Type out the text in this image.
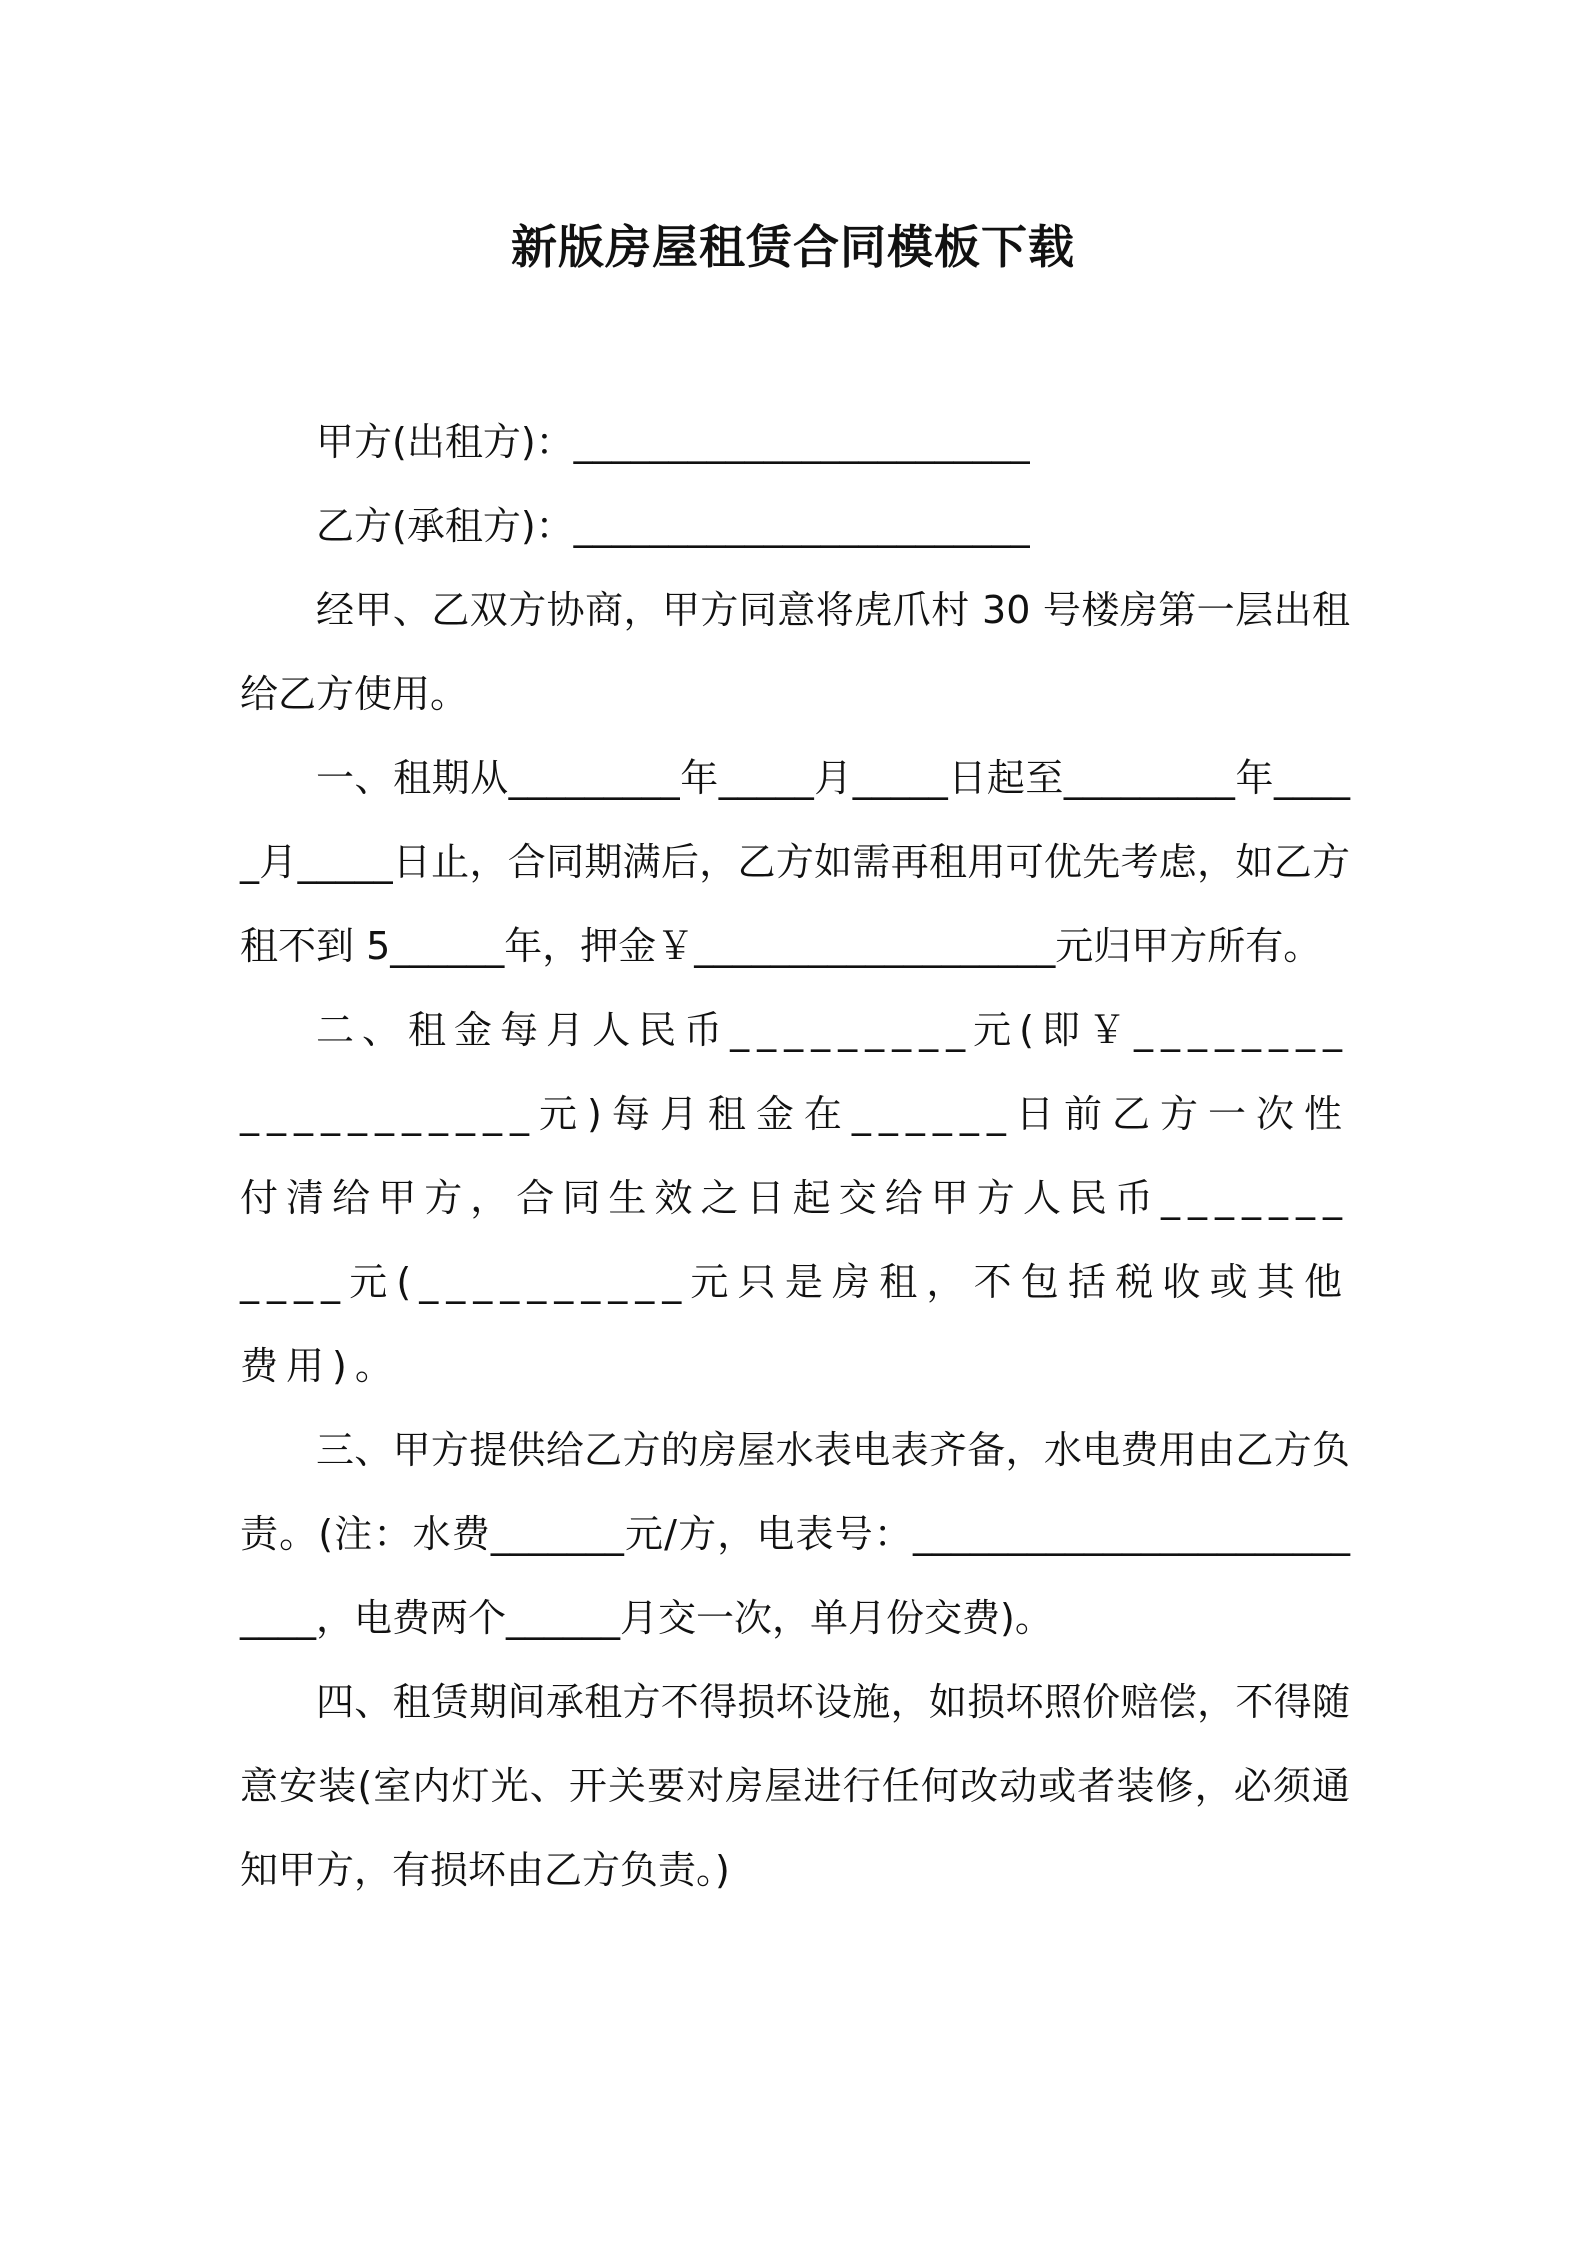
新版房屋租赁合同模板下载

甲方(出租方)：________________________

乙方(承租方)：________________________

经甲、乙双方协商，甲方同意将虎爪村 30 号楼房第一层出租给乙方使用。

一、租期从_________年_____月_____日起至_________年_____月_____日止，合同期满后，乙方如需再租用可优先考虑，如乙方租不到 5______年，押金￥___________________元归甲方所有。

二、租金每月人民币_________元(即￥___________________元)每月租金在______日前乙方一次性付清给甲方，合同生效之日起交给甲方人民币___________元(__________元只是房租，不包括税收或其他费用)。

三、甲方提供给乙方的房屋水表电表齐备，水电费用由乙方负责。(注：水费_______元/方，电表号：___________________________，电费两个______月交一次，单月份交费)。

四、租赁期间承租方不得损坏设施，如损坏照价赔偿，不得随意安装(室内灯光、开关要对房屋进行任何改动或者装修，必须通知甲方，有损坏由乙方负责。)
